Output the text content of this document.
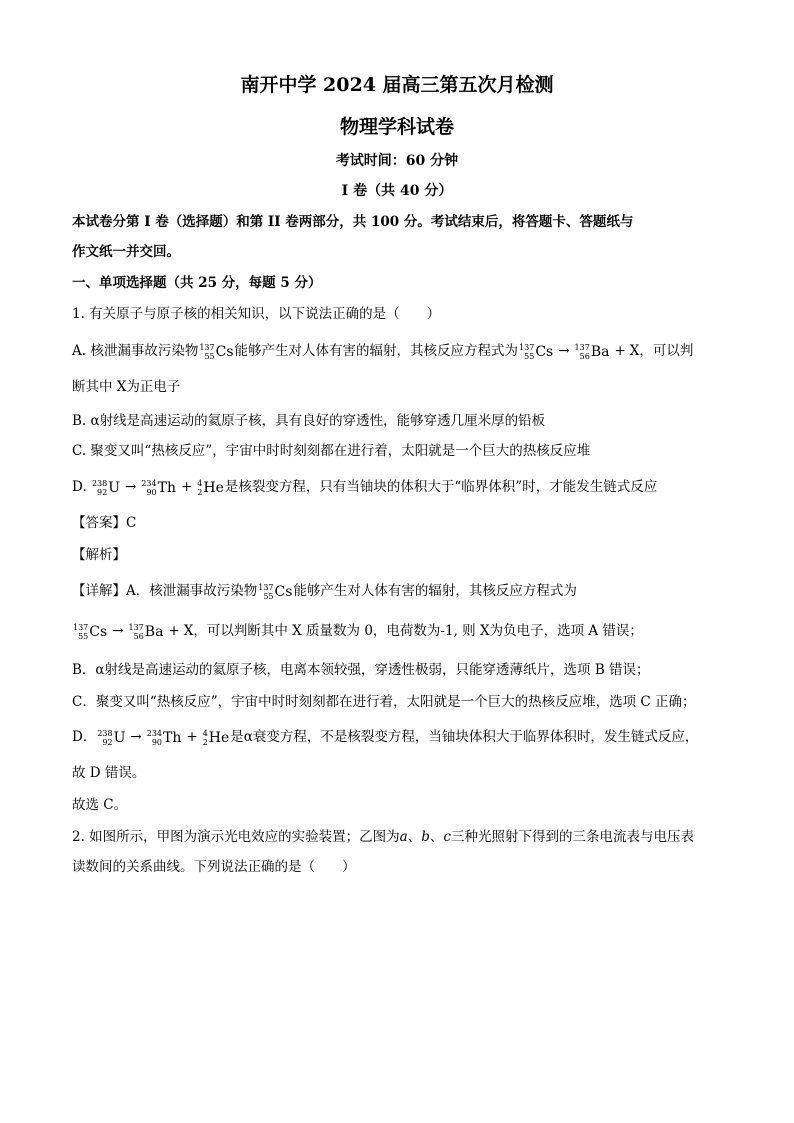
南开中学 2024 届高三第五次月检测
物理学科试卷
考试时间：60 分钟
I 卷（共 40 分）
本试卷分第 I 卷（选择题）和第 II 卷两部分，共 100 分。考试结束后，将答题卡、答题纸与
作文纸一并交回。
一、单项选择题（共 25 分，每题 5 分）
1. 有关原子与原子核的相关知识，以下说法正确的是（　　）
A. 核泄漏事故污染物 137
55 Cs 能够产生对人体有害的辐射，其核反应方程式为 137
55 Cs → 137
56 Ba + X，可以判
断其中 X为正电子
B. α射线是高速运动的氦原子核，具有良好的穿透性，能够穿透几厘米厚的铅板
C. 聚变又叫“热核反应”，宇宙中时时刻刻都在进行着，太阳就是一个巨大的热核反应堆
D. 238
92 U → 234
90 Th + 4
2 He 是核裂变方程，只有当铀块的体积大于“临界体积”时，才能发生链式反应
【答案】C
【解析】
【详解】A．核泄漏事故污染物 137
55 Cs 能够产生对人体有害的辐射，其核反应方程式为
137
55 Cs → 137
56 Ba + X，可以判断其中 X 质量数为 0，电荷数为-1, 则 X为负电子，选项 A 错误；
B．α射线是高速运动的氦原子核，电离本领较强，穿透性极弱，只能穿透薄纸片，选项 B 错误；
C．聚变又叫“热核反应”，宇宙中时时刻刻都在进行着，太阳就是一个巨大的热核反应堆，选项 C 正确；
D． 238
92 U → 234
90 Th + 4
2 He 是α衰变方程，不是核裂变方程，当铀块体积大于临界体积时，发生链式反应，
故 D 错误。
故选 C。
2. 如图所示，甲图为演示光电效应的实验装置；乙图为a、b、c三种光照射下得到的三条电流表与电压表
读数间的关系曲线。下列说法正确的是（　　）
